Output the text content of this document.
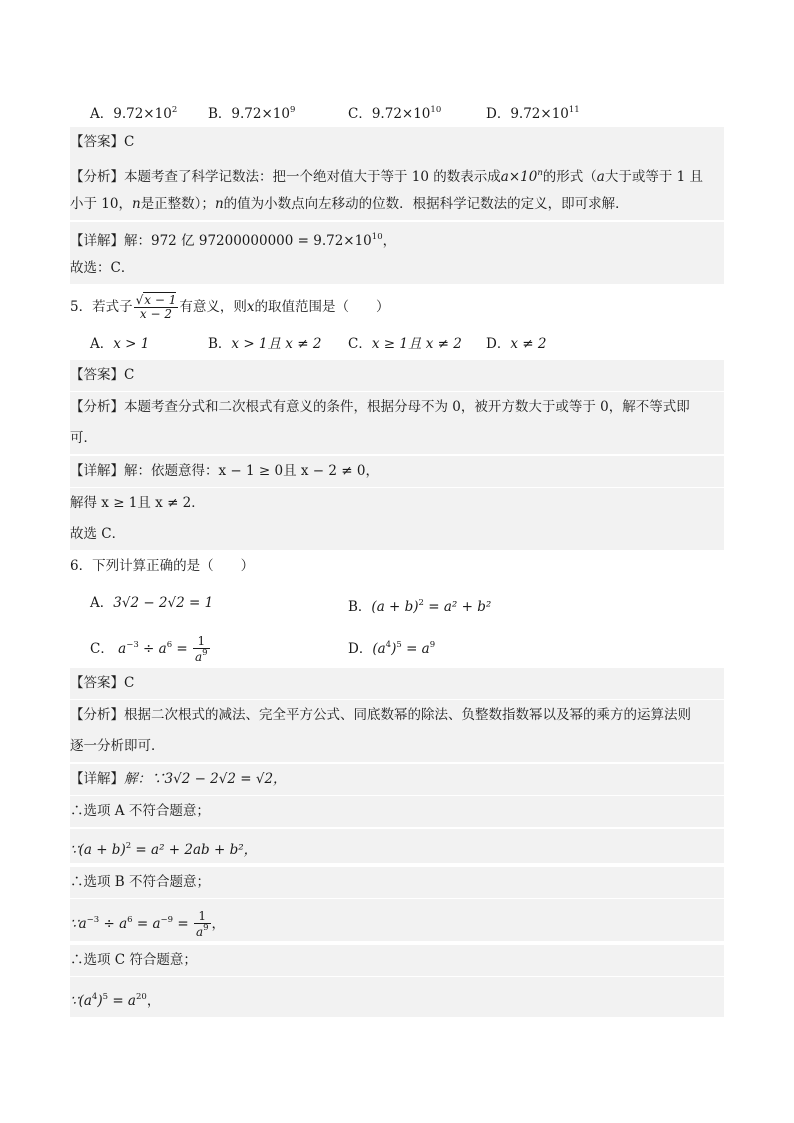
A．$9.72\times 10^2$ B．$9.72\times 10^9$	C．$9.72\times 10^{10}$	D．$9.72\times 10^{11}$
【答案】C
【分析】本题考查了科学记数法：把一个绝对值大于等于 10 的数表示成$a\times 10^n$的形式（a大于或等于 1 且
小于 10，n是正整数）；n的值为小数点向左移动的位数．根据科学记数法的定义，即可求解．
【详解】解：972 亿 $97200000000 = 9.72\times 10^{10}$，
故选：C．
5．若式子 $\frac{√x - 1}{x - 2}$ 有意义，则x的取值范围是（　　）
A．x > 1	B．x > 1且 x ≠ 2 C．x ≥ 1且 x ≠ 2 D．x ≠ 2
【答案】C
【分析】本题考查分式和二次根式有意义的条件，根据分母不为 0，被开方数大于或等于 0，解不等式即
可．
【详解】解：依题意得：x − 1 ≥ 0且 x − 2 ≠ 0，
解得 x ≥ 1且 x ≠ 2．
故选 C．
6．下列计算正确的是（　　）
A．3√2 − 2√2 = 1	B．$(a + b)^2 = a^2 + b^2$
C． $a^{-3} \div a^6 = \frac{1}{a^9}$	D．$(a^4)^5 = a^9$
【答案】C
【分析】根据二次根式的减法、完全平方公式、同底数幂的除法、负整数指数幂以及幂的乘方的运算法则
逐一分析即可．
【详解】解：∵3√2 − 2√2 = √2，
∴选项 A 不符合题意；
∵(a + b)$^2$ = a² + 2ab + b²，
∴选项 B 不符合题意；
$\because a^{-3} \div a^6 = a^{-9} = \frac{1}{a^9}$ ，
∴选项 C 符合题意；
$\because(a^4)^5 = a^{20}$，
